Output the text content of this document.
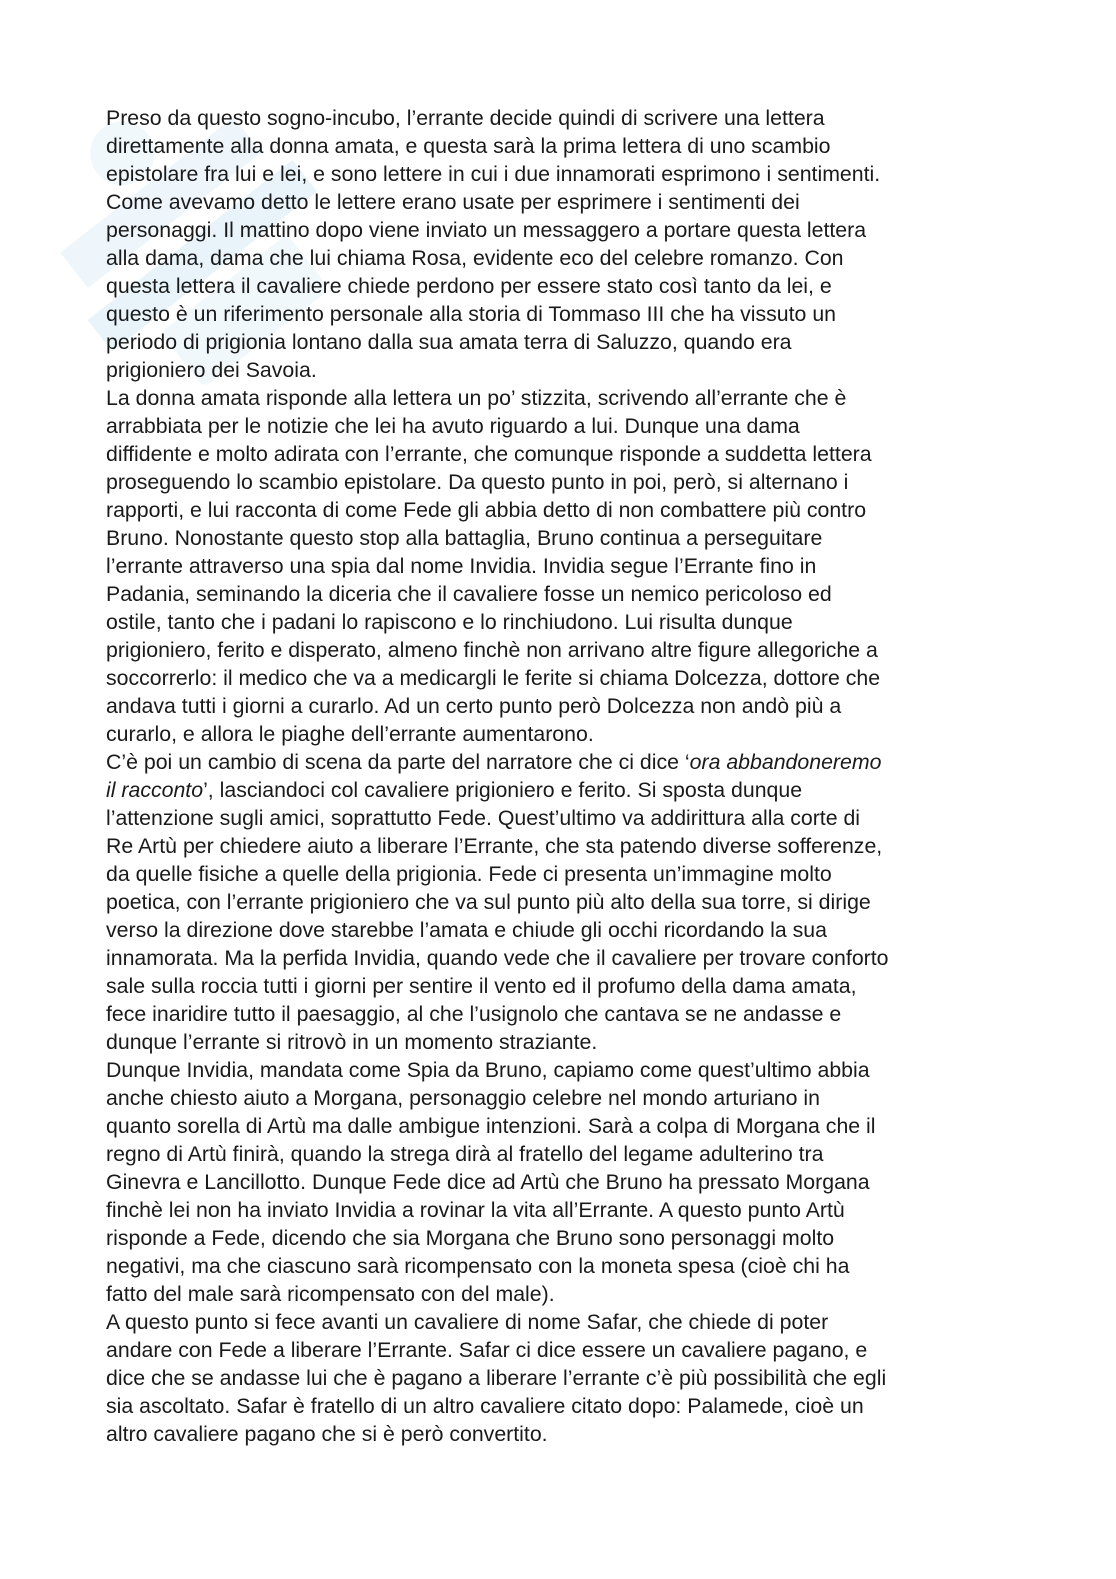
Preso da questo sogno-incubo, l’errante decide quindi di scrivere una lettera
direttamente alla donna amata, e questa sarà la prima lettera di uno scambio
epistolare fra lui e lei, e sono lettere in cui i due innamorati esprimono i sentimenti.
Come avevamo detto le lettere erano usate per esprimere i sentimenti dei
personaggi. Il mattino dopo viene inviato un messaggero a portare questa lettera
alla dama, dama che lui chiama Rosa, evidente eco del celebre romanzo. Con
questa lettera il cavaliere chiede perdono per essere stato così tanto da lei, e
questo è un riferimento personale alla storia di Tommaso III che ha vissuto un
periodo di prigionia lontano dalla sua amata terra di Saluzzo, quando era
prigioniero dei Savoia.

La donna amata risponde alla lettera un po’ stizzita, scrivendo all’errante che è
arrabbiata per le notizie che lei ha avuto riguardo a lui. Dunque una dama
diffidente e molto adirata con l’errante, che comunque risponde a suddetta lettera
proseguendo lo scambio epistolare. Da questo punto in poi, però, si alternano i
rapporti, e lui racconta di come Fede gli abbia detto di non combattere più contro
Bruno. Nonostante questo stop alla battaglia, Bruno continua a perseguitare
l’errante attraverso una spia dal nome Invidia. Invidia segue l’Errante fino in
Padania, seminando la diceria che il cavaliere fosse un nemico pericoloso ed
ostile, tanto che i padani lo rapiscono e lo rinchiudono. Lui risulta dunque
prigioniero, ferito e disperato, almeno finchè non arrivano altre figure allegoriche a
soccorrerlo: il medico che va a medicargli le ferite si chiama Dolcezza, dottore che
andava tutti i giorni a curarlo. Ad un certo punto però Dolcezza non andò più a
curarlo, e allora le piaghe dell’errante aumentarono.

C’è poi un cambio di scena da parte del narratore che ci dice ‘ora abbandoneremo
il racconto’, lasciandoci col cavaliere prigioniero e ferito. Si sposta dunque
l’attenzione sugli amici, soprattutto Fede. Quest’ultimo va addirittura alla corte di
Re Artù per chiedere aiuto a liberare l’Errante, che sta patendo diverse sofferenze,
da quelle fisiche a quelle della prigionia. Fede ci presenta un’immagine molto
poetica, con l’errante prigioniero che va sul punto più alto della sua torre, si dirige
verso la direzione dove starebbe l’amata e chiude gli occhi ricordando la sua
innamorata. Ma la perfida Invidia, quando vede che il cavaliere per trovare conforto
sale sulla roccia tutti i giorni per sentire il vento ed il profumo della dama amata,
fece inaridire tutto il paesaggio, al che l’usignolo che cantava se ne andasse e
dunque l’errante si ritrovò in un momento straziante.

Dunque Invidia, mandata come Spia da Bruno, capiamo come quest’ultimo abbia
anche chiesto aiuto a Morgana, personaggio celebre nel mondo arturiano in
quanto sorella di Artù ma dalle ambigue intenzioni. Sarà a colpa di Morgana che il
regno di Artù finirà, quando la strega dirà al fratello del legame adulterino tra
Ginevra e Lancillotto. Dunque Fede dice ad Artù che Bruno ha pressato Morgana
finchè lei non ha inviato Invidia a rovinar la vita all’Errante. A questo punto Artù
risponde a Fede, dicendo che sia Morgana che Bruno sono personaggi molto
negativi, ma che ciascuno sarà ricompensato con la moneta spesa (cioè chi ha
fatto del male sarà ricompensato con del male).

A questo punto si fece avanti un cavaliere di nome Safar, che chiede di poter
andare con Fede a liberare l’Errante. Safar ci dice essere un cavaliere pagano, e
dice che se andasse lui che è pagano a liberare l’errante c’è più possibilità che egli
sia ascoltato. Safar è fratello di un altro cavaliere citato dopo: Palamede, cioè un
altro cavaliere pagano che si è però convertito.
